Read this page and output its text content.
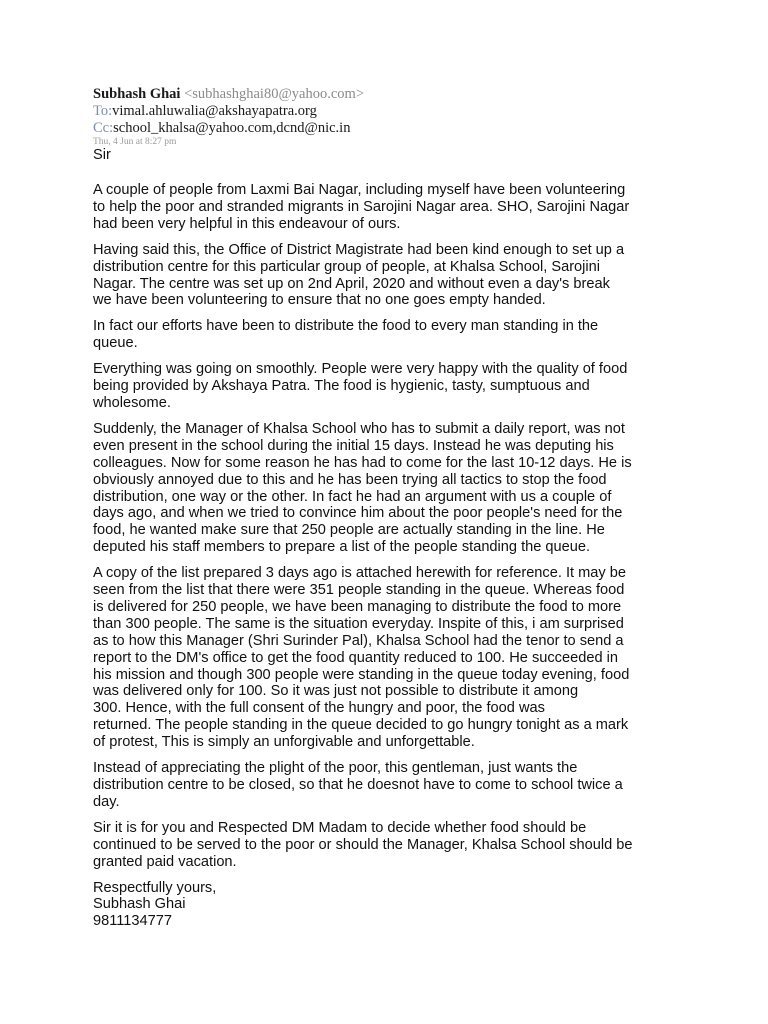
Subhash Ghai <subhashghai80@yahoo.com>
To:vimal.ahluwalia@akshayapatra.org
Cc:school_khalsa@yahoo.com,dcnd@nic.in
Thu, 4 Jun at 8:27 pm
Sir
A couple of people from Laxmi Bai Nagar, including myself have been volunteering
to help the poor and stranded migrants in Sarojini Nagar area. SHO, Sarojini Nagar
had been very helpful in this endeavour of ours.
Having said this, the Office of District Magistrate had been kind enough to set up a
distribution centre for this particular group of people, at Khalsa School, Sarojini
Nagar. The centre was set up on 2nd April, 2020 and without even a day's break
we have been volunteering to ensure that no one goes empty handed.
In fact our efforts have been to distribute the food to every man standing in the
queue.
Everything was going on smoothly. People were very happy with the quality of food
being provided by Akshaya Patra. The food is hygienic, tasty, sumptuous and
wholesome.
Suddenly, the Manager of Khalsa School who has to submit a daily report, was not
even present in the school during the initial 15 days. Instead he was deputing his
colleagues. Now for some reason he has had to come for the last 10-12 days. He is
obviously annoyed due to this and he has been trying all tactics to stop the food
distribution, one way or the other. In fact he had an argument with us a couple of
days ago, and when we tried to convince him about the poor people's need for the
food, he wanted make sure that 250 people are actually standing in the line. He
deputed his staff members to prepare a list of the people standing the queue.
A copy of the list prepared 3 days ago is attached herewith for reference. It may be
seen from the list that there were 351 people standing in the queue. Whereas food
is delivered for 250 people, we have been managing to distribute the food to more
than 300 people. The same is the situation everyday. Inspite of this, i am surprised
as to how this Manager (Shri Surinder Pal), Khalsa School had the tenor to send a
report to the DM's office to get the food quantity reduced to 100. He succeeded in
his mission and though 300 people were standing in the queue today evening, food
was delivered only for 100. So it was just not possible to distribute it among
300. Hence, with the full consent of the hungry and poor, the food was
returned. The people standing in the queue decided to go hungry tonight as a mark
of protest, This is simply an unforgivable and unforgettable.
Instead of appreciating the plight of the poor, this gentleman, just wants the
distribution centre to be closed, so that he doesnot have to come to school twice a
day.
Sir it is for you and Respected DM Madam to decide whether food should be
continued to be served to the poor or should the Manager, Khalsa School should be
granted paid vacation.
Respectfully yours,
Subhash Ghai
9811134777
